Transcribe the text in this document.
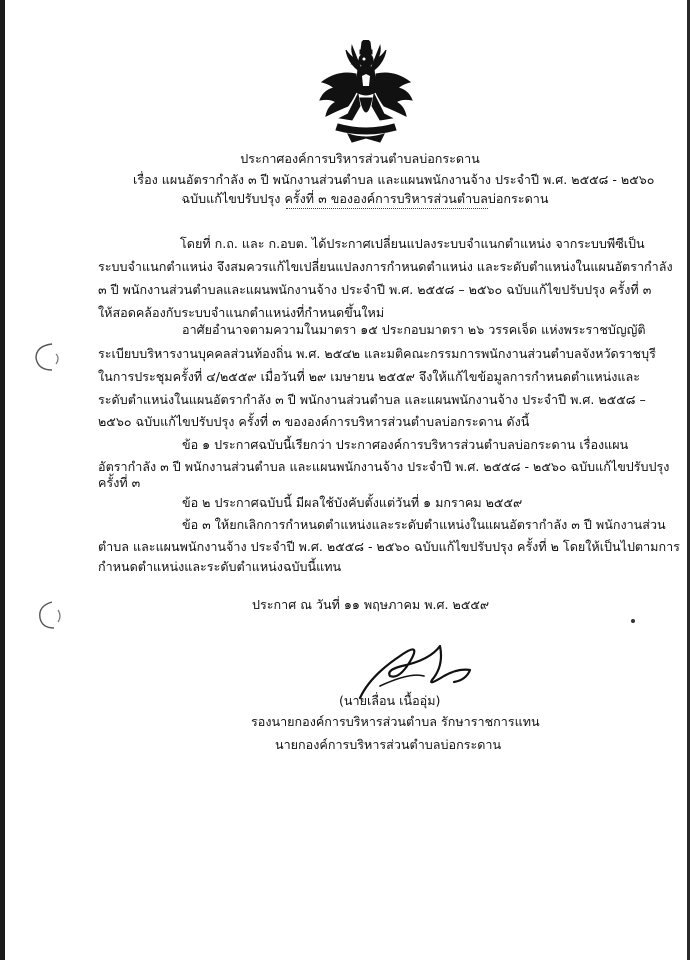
ประกาศองค์การบริหารส่วนตำบลบ่อกระดาน
เรื่อง แผนอัตรากำลัง ๓ ปี พนักงานส่วนตำบล และแผนพนักงานจ้าง ประจำปี พ.ศ. ๒๕๕๘ - ๒๕๖๐
ฉบับแก้ไขปรับปรุง ครั้งที่ ๓ ขององค์การบริหารส่วนตำบลบ่อกระดาน
โดยที่ ก.ถ. และ ก.อบต. ได้ประกาศเปลี่ยนแปลงระบบจำแนกตำแหน่ง จากระบบพีซีเป็น
ระบบจำแนกตำแหน่ง จึงสมควรแก้ไขเปลี่ยนแปลงการกำหนดตำแหน่ง และระดับตำแหน่งในแผนอัตรากำลัง
๓ ปี พนักงานส่วนตำบลและแผนพนักงานจ้าง ประจำปี พ.ศ. ๒๕๕๘ – ๒๕๖๐ ฉบับแก้ไขปรับปรุง ครั้งที่ ๓
ให้สอดคล้องกับระบบจำแนกตำแหน่งที่กำหนดขึ้นใหม่
อาศัยอำนาจตามความในมาตรา ๑๕ ประกอบมาตรา ๒๖ วรรคเจ็ด แห่งพระราชบัญญัติ
ระเบียบบริหารงานบุคคลส่วนท้องถิ่น พ.ศ. ๒๕๔๒ และมติคณะกรรมการพนักงานส่วนตำบลจังหวัดราชบุรี
ในการประชุมครั้งที่ ๔/๒๕๕๙ เมื่อวันที่ ๒๙ เมษายน ๒๕๕๙ จึงให้แก้ไขข้อมูลการกำหนดตำแหน่งและ
ระดับตำแหน่งในแผนอัตรากำลัง ๓ ปี พนักงานส่วนตำบล และแผนพนักงานจ้าง ประจำปี พ.ศ. ๒๕๕๘ –
๒๕๖๐ ฉบับแก้ไขปรับปรุง ครั้งที่ ๓ ขององค์การบริหารส่วนตำบลบ่อกระดาน ดังนี้
ข้อ ๑ ประกาศฉบับนี้เรียกว่า ประกาศองค์การบริหารส่วนตำบลบ่อกระดาน เรื่องแผน
อัตรากำลัง ๓ ปี พนักงานส่วนตำบล และแผนพนักงานจ้าง ประจำปี พ.ศ. ๒๕๕๘ - ๒๕๖๐ ฉบับแก้ไขปรับปรุง
ครั้งที่ ๓
ข้อ ๒ ประกาศฉบับนี้ มีผลใช้บังคับตั้งแต่วันที่ ๑ มกราคม ๒๕๕๙
ข้อ ๓ ให้ยกเลิกการกำหนดตำแหน่งและระดับตำแหน่งในแผนอัตรากำลัง ๓ ปี พนักงานส่วน
ตำบล และแผนพนักงานจ้าง ประจำปี พ.ศ. ๒๕๕๘ - ๒๕๖๐ ฉบับแก้ไขปรับปรุง ครั้งที่ ๒ โดยให้เป็นไปตามการ
กำหนดตำแหน่งและระดับตำแหน่งฉบับนี้แทน
ประกาศ ณ วันที่ ๑๑ พฤษภาคม พ.ศ. ๒๕๕๙
(นายเลื่อน เนื้ออุ่ม)
รองนายกองค์การบริหารส่วนตำบล รักษาราชการแทน
นายกองค์การบริหารส่วนตำบลบ่อกระดาน
